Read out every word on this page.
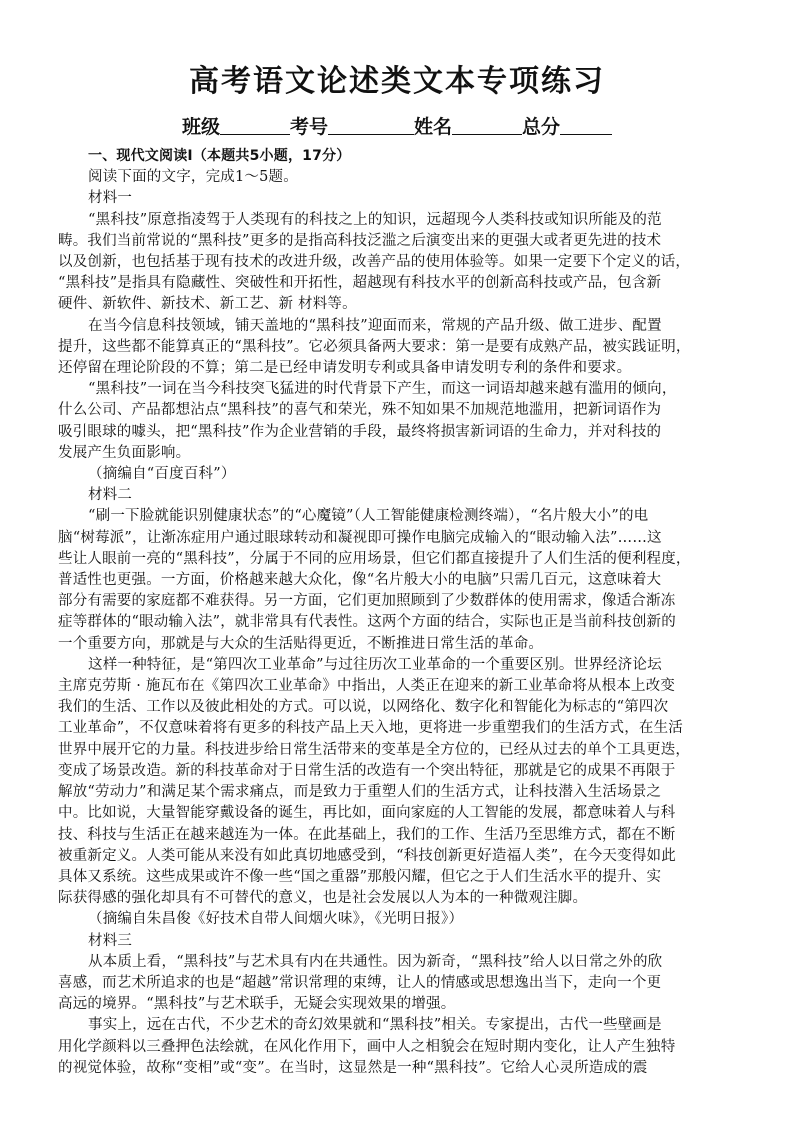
高考语文论述类文本专项练习
班级	考号	姓名	总分
一、现代文阅读Ⅰ（本题共5小题，17分）
阅读下面的文字，完成1～5题。
材料一
“黑科技”原意指凌驾于人类现有的科技之上的知识，远超现今人类科技或知识所能及的范
畴。我们当前常说的“黑科技”更多的是指高科技泛滥之后演变出来的更强大或者更先进的技术
以及创新，也包括基于现有技术的改进升级，改善产品的使用体验等。如果一定要下个定义的话，
“黑科技”是指具有隐藏性、突破性和开拓性，超越现有科技水平的创新高科技或产品，包含新
硬件、新软件、新技术、新工艺、新 材料等。
在当今信息科技领域，铺天盖地的“黑科技”迎面而来，常规的产品升级、做工进步、配置
提升，这些都不能算真正的“黑科技”。它必须具备两大要求：第一是要有成熟产品，被实践证明，
还停留在理论阶段的不算；第二是已经申请发明专利或具备申请发明专利的条件和要求。
“黑科技”一词在当今科技突飞猛进的时代背景下产生，而这一词语却越来越有滥用的倾向，
什么公司、产品都想沾点“黑科技”的喜气和荣光，殊不知如果不加规范地滥用，把新词语作为
吸引眼球的噱头，把“黑科技”作为企业营销的手段，最终将损害新词语的生命力，并对科技的
发展产生负面影响。
（摘编自“百度百科”）
材料二
“刷一下脸就能识别健康状态”的“心魔镜”（人工智能健康检测终端），“名片般大小”的电
脑“树莓派”，让渐冻症用户通过眼球转动和凝视即可操作电脑完成输入的“眼动输入法”……这
些让人眼前一亮的“黑科技”，分属于不同的应用场景，但它们都直接提升了人们生活的便利程度，
普适性也更强。一方面，价格越来越大众化，像“名片般大小的电脑”只需几百元，这意味着大
部分有需要的家庭都不难获得。另一方面，它们更加照顾到了少数群体的使用需求，像适合渐冻
症等群体的“眼动输入法”，就非常具有代表性。这两个方面的结合，实际也正是当前科技创新的
一个重要方向，那就是与大众的生活贴得更近，不断推进日常生活的革命。
这样一种特征，是“第四次工业革命”与过往历次工业革命的一个重要区别。世界经济论坛
主席克劳斯 · 施瓦布在《第四次工业革命》中指出，人类正在迎来的新工业革命将从根本上改变
我们的生活、工作以及彼此相处的方式。可以说，以网络化、数字化和智能化为标志的“第四次
工业革命”，不仅意味着将有更多的科技产品上天入地，更将进一步重塑我们的生活方式，在生活
世界中展开它的力量。科技进步给日常生活带来的变革是全方位的，已经从过去的单个工具更迭，
变成了场景改造。新的科技革命对于日常生活的改造有一个突出特征，那就是它的成果不再限于
解放“劳动力”和满足某个需求痛点，而是致力于重塑人们的生活方式，让科技潜入生活场景之
中。比如说，大量智能穿戴设备的诞生，再比如，面向家庭的人工智能的发展，都意味着人与科
技、科技与生活正在越来越连为一体。在此基础上，我们的工作、生活乃至思维方式，都在不断
被重新定义。人类可能从来没有如此真切地感受到，“科技创新更好造福人类”，在今天变得如此
具体又系统。这些成果或许不像一些“国之重器”那般闪耀，但它之于人们生活水平的提升、实
际获得感的强化却具有不可替代的意义，也是社会发展以人为本的一种微观注脚。
（摘编自朱昌俊《好技术自带人间烟火味》，《光明日报》）
材料三
从本质上看，“黑科技”与艺术具有内在共通性。因为新奇，“黑科技”给人以日常之外的欣
喜感，而艺术所追求的也是“超越”常识常理的束缚，让人的情感或思想逸出当下，走向一个更
高远的境界。“黑科技”与艺术联手，无疑会实现效果的增强。
事实上，远在古代，不少艺术的奇幻效果就和“黑科技”相关。专家提出，古代一些壁画是
用化学颜料以三叠押色法绘就，在风化作用下，画中人之相貌会在短时期内变化，让人产生独特
的视觉体验，故称“变相”或“变”。在当时，这显然是一种“黑科技”。它给人心灵所造成的震
